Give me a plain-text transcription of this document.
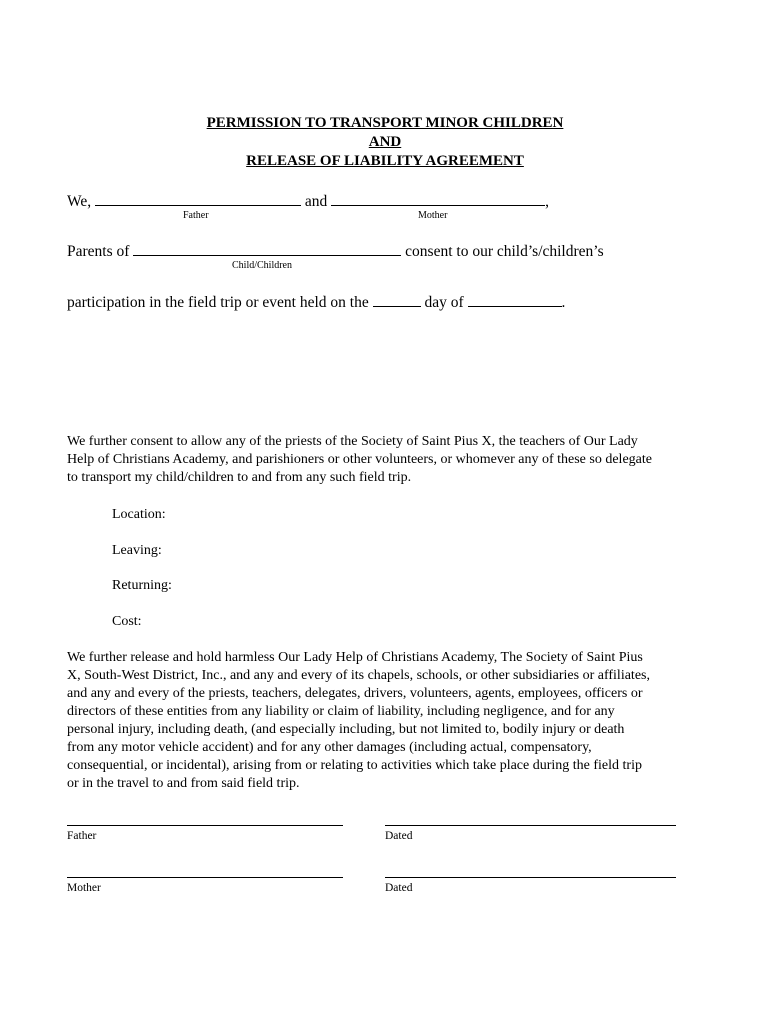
PERMISSION TO TRANSPORT MINOR CHILDREN
AND
RELEASE OF LIABILITY AGREEMENT
We,	and	,
Father	Mother
Parents of	consent to our child’s/children’s
Child/Children
participation in the field trip or event held on the	day of	.
We further consent to allow any of the priests of the Society of Saint Pius X, the teachers of Our Lady
Help of Christians Academy, and parishioners or other volunteers, or whomever any of these so delegate
to transport my child/children to and from any such field trip.
Location:
Leaving:
Returning:
Cost:
We further release and hold harmless Our Lady Help of Christians Academy, The Society of Saint Pius
X, South-West District, Inc., and any and every of its chapels, schools, or other subsidiaries or affiliates,
and any and every of the priests, teachers, delegates, drivers, volunteers, agents, employees, officers or
directors of these entities from any liability or claim of liability, including negligence, and for any
personal injury, including death, (and especially including, but not limited to, bodily injury or death
from any motor vehicle accident) and for any other damages (including actual, compensatory,
consequential, or incidental), arising from or relating to activities which take place during the field trip
or in the travel to and from said field trip.
Father	Dated
Mother	Dated
